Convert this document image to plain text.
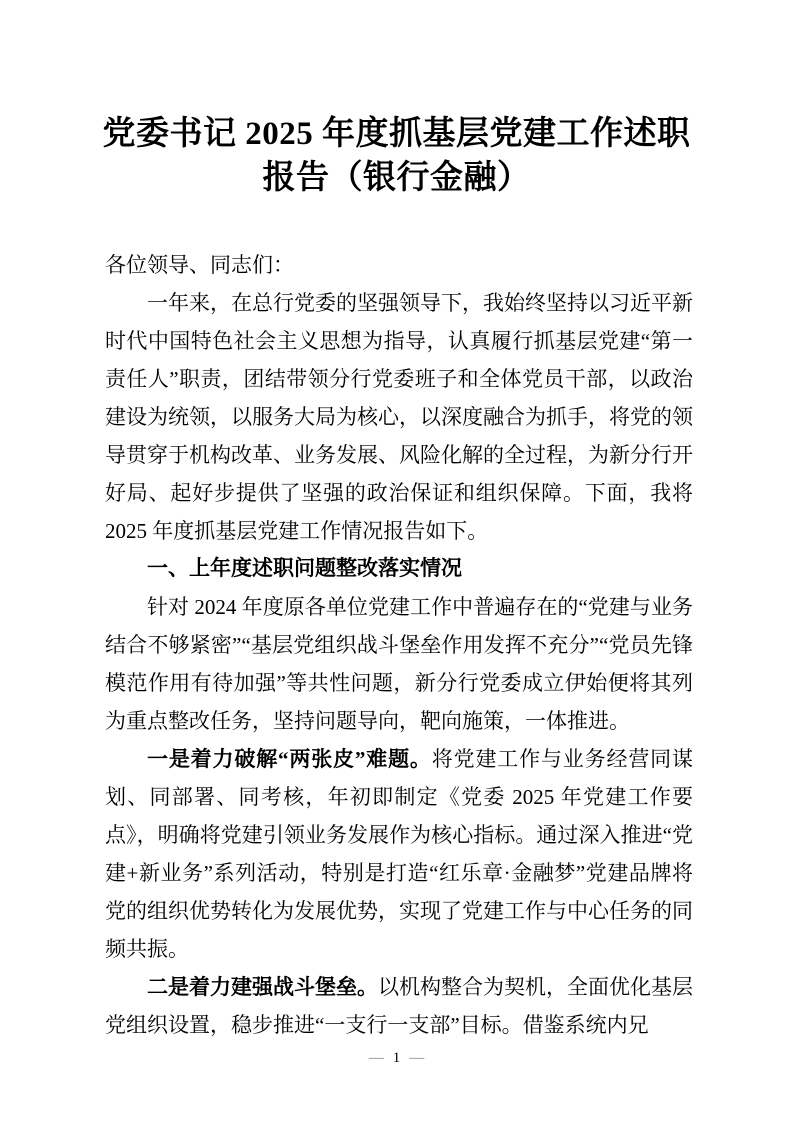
党委书记 2025 年度抓基层党建工作述职
报告（银行金融）

各位领导、同志们：

一年来，在总行党委的坚强领导下，我始终坚持以习近平新时代中国特色社会主义思想为指导，认真履行抓基层党建“第一责任人”职责，团结带领分行党委班子和全体党员干部，以政治建设为统领，以服务大局为核心，以深度融合为抓手，将党的领导贯穿于机构改革、业务发展、风险化解的全过程，为新分行开好局、起好步提供了坚强的政治保证和组织保障。下面，我将 2025 年度抓基层党建工作情况报告如下。

一、上年度述职问题整改落实情况

针对 2024 年度原各单位党建工作中普遍存在的“党建与业务结合不够紧密”“基层党组织战斗堡垒作用发挥不充分”“党员先锋模范作用有待加强”等共性问题，新分行党委成立伊始便将其列为重点整改任务，坚持问题导向，靶向施策，一体推进。

一是着力破解“两张皮”难题。将党建工作与业务经营同谋划、同部署、同考核，年初即制定《党委 2025 年党建工作要点》，明确将党建引领业务发展作为核心指标。通过深入推进“党建+新业务”系列活动，特别是打造“红乐章·金融梦”党建品牌将党的组织优势转化为发展优势，实现了党建工作与中心任务的同频共振。

二是着力建强战斗堡垒。以机构整合为契机，全面优化基层党组织设置，稳步推进“一支行一支部”目标。借鉴系统内兄

— 1 —
